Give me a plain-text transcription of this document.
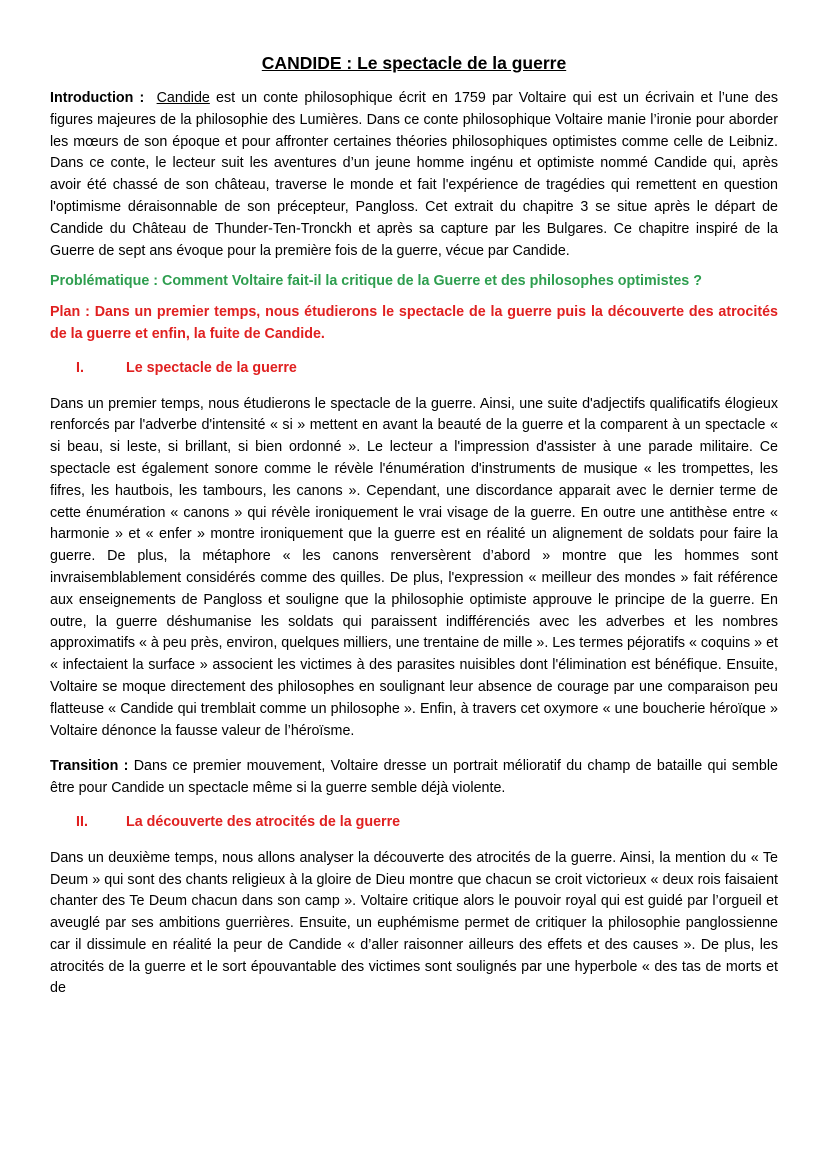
CANDIDE : Le spectacle de la guerre

Introduction : Candide est un conte philosophique écrit en 1759 par Voltaire qui est un écrivain et l’une des figures majeures de la philosophie des Lumières. Dans ce conte philosophique Voltaire manie l’ironie pour aborder les mœurs de son époque et pour affronter certaines théories philosophiques optimistes comme celle de Leibniz. Dans ce conte, le lecteur suit les aventures d’un jeune homme ingénu et optimiste nommé Candide qui, après avoir été chassé de son château, traverse le monde et fait l'expérience de tragédies qui remettent en question l'optimisme déraisonnable de son précepteur, Pangloss. Cet extrait du chapitre 3 se situe après le départ de Candide du Château de Thunder-Ten-Tronckh et après sa capture par les Bulgares. Ce chapitre inspiré de la Guerre de sept ans évoque pour la première fois de la guerre, vécue par Candide.

Problématique : Comment Voltaire fait-il la critique de la Guerre et des philosophes optimistes ?

Plan : Dans un premier temps, nous étudierons le spectacle de la guerre puis la découverte des atrocités de la guerre et enfin, la fuite de Candide.

I.	Le spectacle de la guerre

Dans un premier temps, nous étudierons le spectacle de la guerre. Ainsi, une suite d'adjectifs qualificatifs élogieux renforcés par l'adverbe d'intensité « si » mettent en avant la beauté de la guerre et la comparent à un spectacle « si beau, si leste, si brillant, si bien ordonné ». Le lecteur a l'impression d'assister à une parade militaire. Ce spectacle est également sonore comme le révèle l'énumération d'instruments de musique « les trompettes, les fifres, les hautbois, les tambours, les canons ». Cependant, une discordance apparait avec le dernier terme de cette énumération « canons » qui révèle ironiquement le vrai visage de la guerre. En outre une antithèse entre « harmonie » et « enfer » montre ironiquement que la guerre est en réalité un alignement de soldats pour faire la guerre. De plus, la métaphore « les canons renversèrent d’abord » montre que les hommes sont invraisemblablement considérés comme des quilles. De plus, l'expression « meilleur des mondes » fait référence aux enseignements de Pangloss et souligne que la philosophie optimiste approuve le principe de la guerre. En outre, la guerre déshumanise les soldats qui paraissent indifférenciés avec les adverbes et les nombres approximatifs « à peu près, environ, quelques milliers, une trentaine de mille ». Les termes péjoratifs « coquins » et « infectaient la surface » associent les victimes à des parasites nuisibles dont l'élimination est bénéfique. Ensuite, Voltaire se moque directement des philosophes en soulignant leur absence de courage par une comparaison peu flatteuse « Candide qui tremblait comme un philosophe ». Enfin, à travers cet oxymore « une boucherie héroïque » Voltaire dénonce la fausse valeur de l’héroïsme.

Transition : Dans ce premier mouvement, Voltaire dresse un portrait mélioratif du champ de bataille qui semble être pour Candide un spectacle même si la guerre semble déjà violente.

II.	La découverte des atrocités de la guerre

Dans un deuxième temps, nous allons analyser la découverte des atrocités de la guerre. Ainsi, la mention du « Te Deum » qui sont des chants religieux à la gloire de Dieu montre que chacun se croit victorieux « deux rois faisaient chanter des Te Deum chacun dans son camp ». Voltaire critique alors le pouvoir royal qui est guidé par l’orgueil et aveuglé par ses ambitions guerrières. Ensuite, un euphémisme permet de critiquer la philosophie panglossienne car il dissimule en réalité la peur de Candide « d’aller raisonner ailleurs des effets et des causes ». De plus, les atrocités de la guerre et le sort épouvantable des victimes sont soulignés par une hyperbole « des tas de morts et de
